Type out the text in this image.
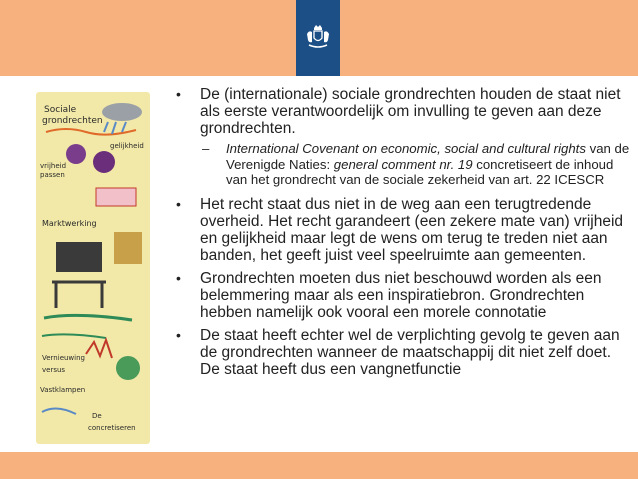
Sociale
grondrechten
vrijheid
passen
gelijkheid
Marktwerking
Vernieuwing
versus
Vastklampen
De
concretiseren
• De (internationale) sociale grondrechten houden de staat niet als eerste verantwoordelijk om invulling te geven aan deze grondrechten.
– International Covenant on economic, social and cultural rights van de Verenigde Naties: general comment nr. 19 concretiseert de inhoud van het grondrecht van de sociale zekerheid van art. 22 ICESCR
• Het recht staat dus niet in de weg aan een terugtredende overheid. Het recht garandeert (een zekere mate van) vrijheid en gelijkheid maar legt de wens om terug te treden niet aan banden, het geeft juist veel speelruimte aan gemeenten.
• Grondrechten moeten dus niet beschouwd worden als een belemmering maar als een inspiratiebron. Grondrechten hebben namelijk ook vooral een morele connotatie
• De staat heeft echter wel de verplichting gevolg te geven aan de grondrechten wanneer de maatschappij dit niet zelf doet. De staat heeft dus een vangnetfunctie
